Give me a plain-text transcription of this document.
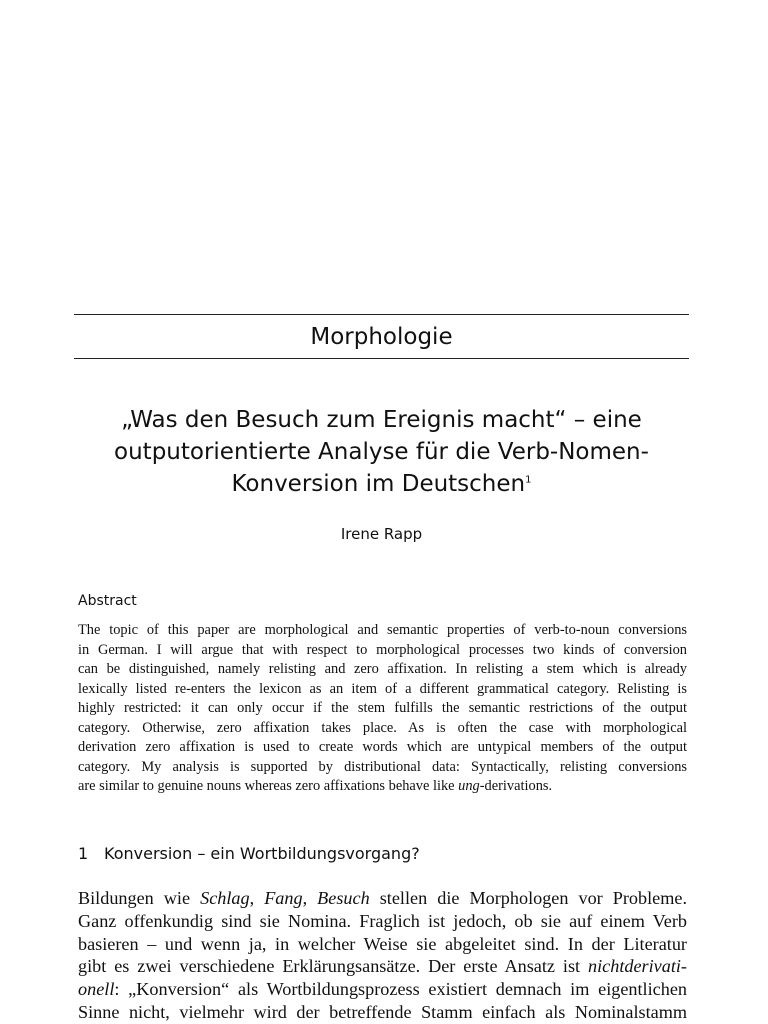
Morphologie
„Was den Besuch zum Ereignis macht“ – eine
outputorientierte Analyse für die Verb-Nomen-
Konversion im Deutschen$^1$
Irene Rapp
Abstract
The topic of this paper are morphological and semantic properties of verb-to-noun conversions
in German. I will argue that with respect to morphological processes two kinds of conversion
can be distinguished, namely relisting and zero affixation. In relisting a stem which is already
lexically listed re-enters the lexicon as an item of a different grammatical category. Relisting is
highly restricted: it can only occur if the stem fulfills the semantic restrictions of the output
category. Otherwise, zero affixation takes place. As is often the case with morphological
derivation zero affixation is used to create words which are untypical members of the output
category. My analysis is supported by distributional data: Syntactically, relisting conversions
are similar to genuine nouns whereas zero affixations behave like ung-derivations.
1 Konversion – ein Wortbildungsvorgang?
Bildungen wie Schlag, Fang, Besuch stellen die Morphologen vor Probleme.
Ganz offenkundig sind sie Nomina. Fraglich ist jedoch, ob sie auf einem Verb
basieren – und wenn ja, in welcher Weise sie abgeleitet sind. In der Literatur
gibt es zwei verschiedene Erklärungsansätze. Der erste Ansatz ist nichtderivati-
onell: „Konversion“ als Wortbildungsprozess existiert demnach im eigentlichen
Sinne nicht, vielmehr wird der betreffende Stamm einfach als Nominalstamm
